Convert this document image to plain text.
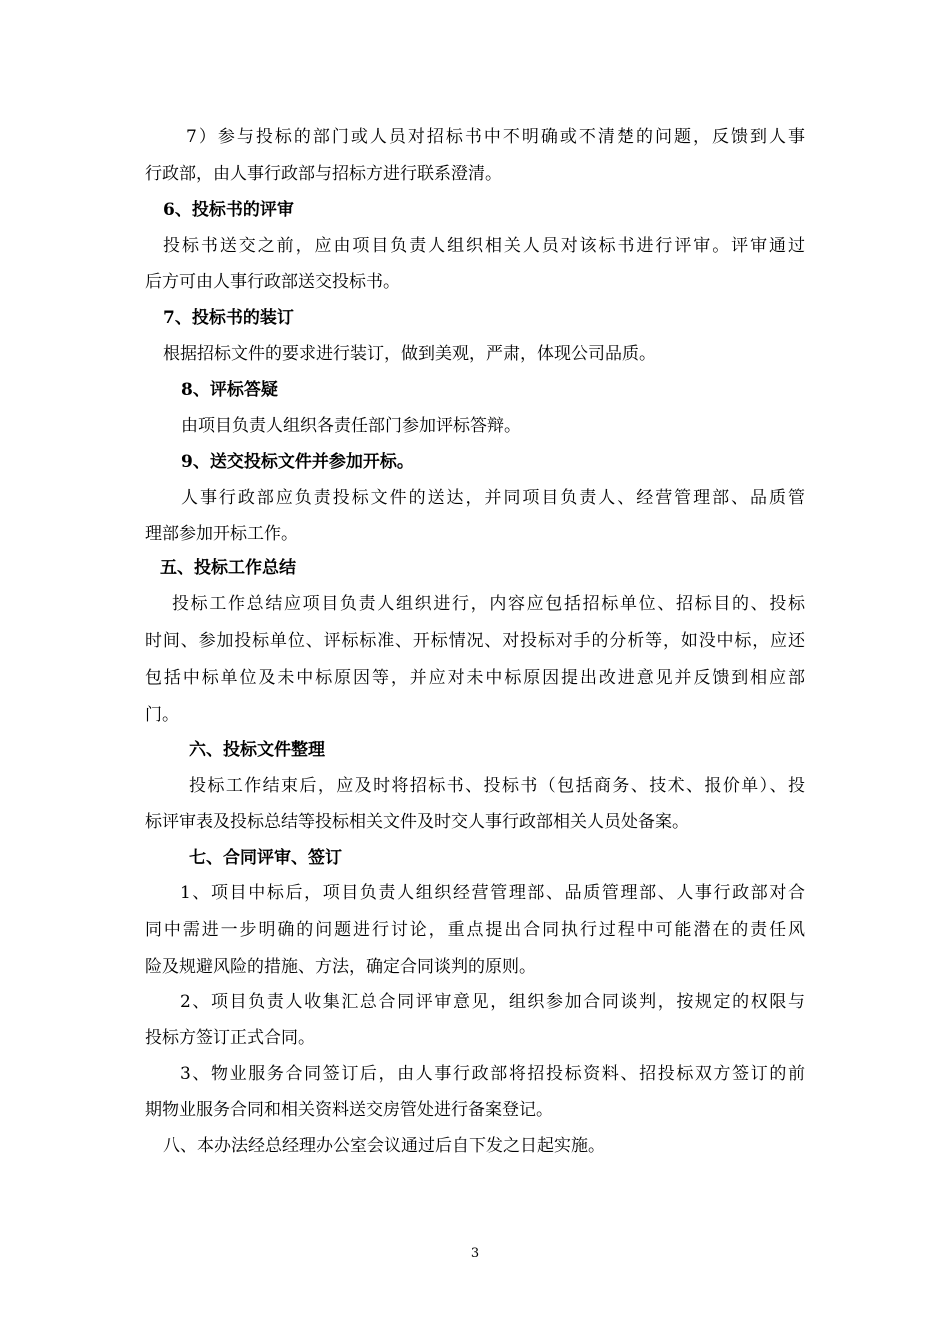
7）参与投标的部门或人员对招标书中不明确或不清楚的问题，反馈到人事
行政部，由人事行政部与招标方进行联系澄清。
6、投标书的评审
投标书送交之前，应由项目负责人组织相关人员对该标书进行评审。评审通过
后方可由人事行政部送交投标书。
7、投标书的装订
根据招标文件的要求进行装订，做到美观，严肃，体现公司品质。
8、评标答疑
由项目负责人组织各责任部门参加评标答辩。
9、送交投标文件并参加开标。
人事行政部应负责投标文件的送达，并同项目负责人、经营管理部、品质管
理部参加开标工作。
五、投标工作总结
投标工作总结应项目负责人组织进行，内容应包括招标单位、招标目的、投标
时间、参加投标单位、评标标准、开标情况、对投标对手的分析等，如没中标，应还
包括中标单位及未中标原因等，并应对未中标原因提出改进意见并反馈到相应部
门。
六、投标文件整理
投标工作结束后，应及时将招标书、投标书（包括商务、技术、报价单）、投
标评审表及投标总结等投标相关文件及时交人事行政部相关人员处备案。
七、合同评审、签订
1、项目中标后，项目负责人组织经营管理部、品质管理部、人事行政部对合
同中需进一步明确的问题进行讨论，重点提出合同执行过程中可能潜在的责任风
险及规避风险的措施、方法，确定合同谈判的原则。
2、项目负责人收集汇总合同评审意见，组织参加合同谈判，按规定的权限与
投标方签订正式合同。
3、物业服务合同签订后，由人事行政部将招投标资料、招投标双方签订的前
期物业服务合同和相关资料送交房管处进行备案登记。
八、本办法经总经理办公室会议通过后自下发之日起实施。
3
